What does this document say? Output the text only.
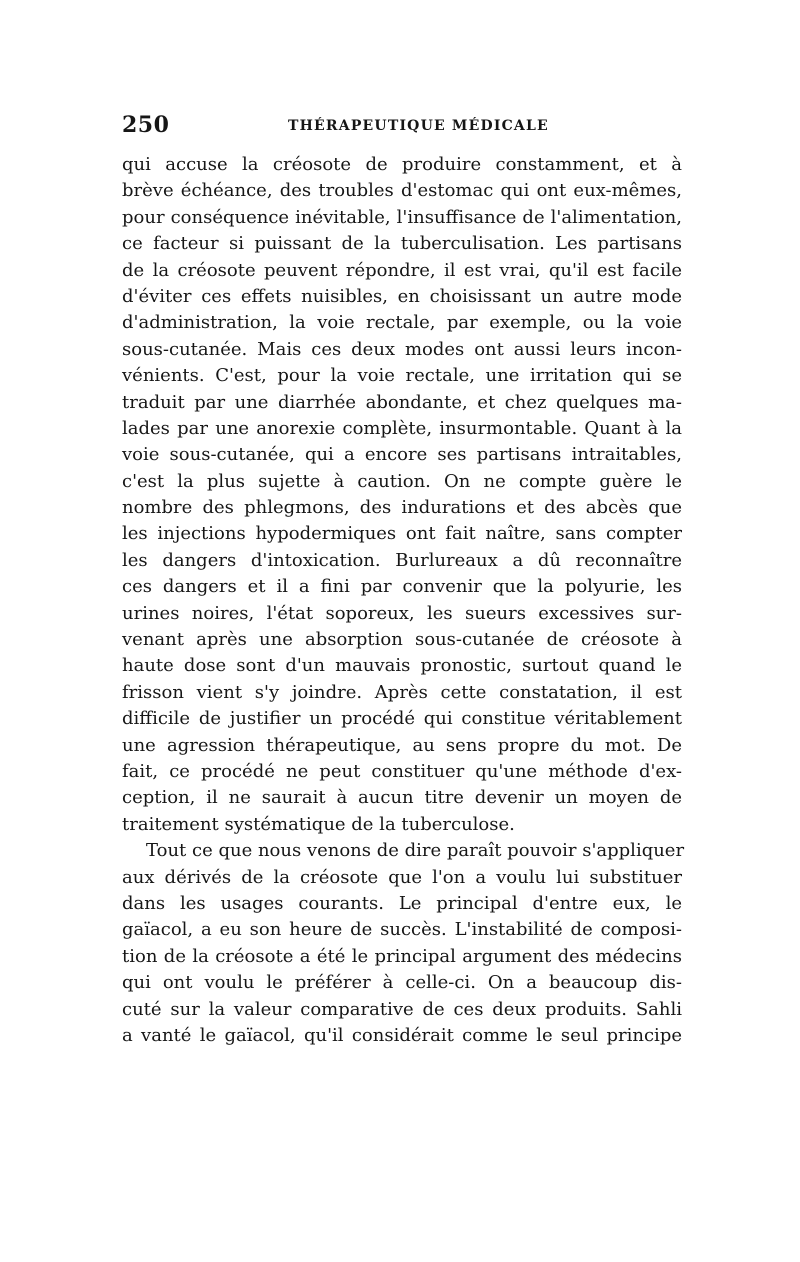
250	THÉRAPEUTIQUE MÉDICALE
qui accuse la créosote de produire constamment, et à
brève échéance, des troubles d'estomac qui ont eux-mêmes,
pour conséquence inévitable, l'insuffisance de l'alimentation,
ce facteur si puissant de la tuberculisation. Les partisans
de la créosote peuvent répondre, il est vrai, qu'il est facile
d'éviter ces effets nuisibles, en choisissant un autre mode
d'administration, la voie rectale, par exemple, ou la voie
sous-cutanée. Mais ces deux modes ont aussi leurs incon-
vénients. C'est, pour la voie rectale, une irritation qui se
traduit par une diarrhée abondante, et chez quelques ma-
lades par une anorexie complète, insurmontable. Quant à la
voie sous-cutanée, qui a encore ses partisans intraitables,
c'est la plus sujette à caution. On ne compte guère le
nombre des phlegmons, des indurations et des abcès que
les injections hypodermiques ont fait naître, sans compter
les dangers d'intoxication. Burlureaux a dû reconnaître
ces dangers et il a fini par convenir que la polyurie, les
urines noires, l'état soporeux, les sueurs excessives sur-
venant après une absorption sous-cutanée de créosote à
haute dose sont d'un mauvais pronostic, surtout quand le
frisson vient s'y joindre. Après cette constatation, il est
difficile de justifier un procédé qui constitue véritablement
une agression thérapeutique, au sens propre du mot. De
fait, ce procédé ne peut constituer qu'une méthode d'ex-
ception, il ne saurait à aucun titre devenir un moyen de
traitement systématique de la tuberculose.
Tout ce que nous venons de dire paraît pouvoir s'appliquer
aux dérivés de la créosote que l'on a voulu lui substituer
dans les usages courants. Le principal d'entre eux, le
gaïacol, a eu son heure de succès. L'instabilité de composi-
tion de la créosote a été le principal argument des médecins
qui ont voulu le préférer à celle-ci. On a beaucoup dis-
cuté sur la valeur comparative de ces deux produits. Sahli
a vanté le gaïacol, qu'il considérait comme le seul principe
